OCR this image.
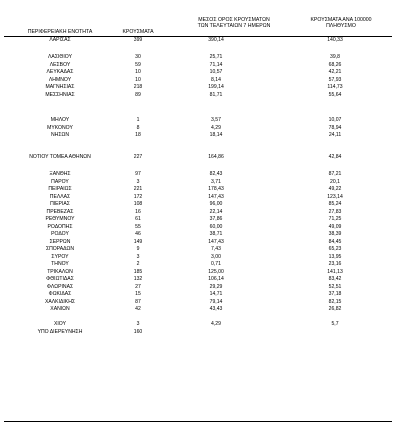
ΠΕΡΙΦΕΡΕΙΑΚΗ ΕΝΟΤΗΤΑ	ΚΡΟΥΣΜΑΤΑ
ΜΕΣΟΣ ΟΡΟΣ ΚΡΟΥΣΜΑΤΩΝ
ΤΩΝ ΤΕΛΕΥΤΑΙΩΝ 7 ΗΜΕΡΩΝ
ΚΡΟΥΣΜΑΤΑ ΑΝΑ 100000
ΠΛΗΘΥΣΜΟ
ΛΑΡΙΣΑΣ	399	390,14	140,33
ΛΑΣΙΘΙΟΥ	30	25,71	39,8
ΛΕΣΒΟΥ	59	71,14	68,26
ΛΕΥΚΑΔΑΣ	10	10,57	42,21
ΛΗΜΝΟΥ	10	8,14	57,93
ΜΑΓΝΗΣΙΑΣ	218	199,14	114,73
ΜΕΣΣΗΝΙΑΣ	89	81,71	55,64
ΜΗΛΟΥ	1	3,57	10,07
ΜΥΚΟΝΟΥ	8	4,29	78,94
ΝΗΣΩΝ	18	18,14	24,11
ΝΟΤΙΟΥ ΤΟΜΕΑ ΑΘΗΝΩΝ	227	164,86	42,84
ΞΑΝΘΗΣ	97	82,43	87,21
ΠΑΡΟΥ	3	3,71	20,1
ΠΕΙΡΑΙΩΣ	221	178,43	49,22
ΠΕΛΛΑΣ	172	147,43	123,14
ΠΙΕΡΙΑΣ	108	96,00	85,24
ΠΡΕΒΕΖΑΣ	16	22,14	27,83
ΡΕΘΥΜΝΟΥ	61	37,86	71,25
ΡΟΔΟΠΗΣ	55	60,00	49,09
ΡΟΔΟΥ	46	38,71	38,39
ΣΕΡΡΩΝ	149	147,43	84,45
ΣΠΟΡΑΔΩΝ	9	7,43	65,23
ΣΥΡΟΥ	3	3,00	13,95
ΤΗΝΟΥ	2	0,71	23,16
ΤΡΙΚΑΛΩΝ	185	125,00	141,13
ΦΘΙΩΤΙΔΑΣ	132	106,14	83,42
ΦΛΩΡΙΝΑΣ	27	29,29	52,51
ΦΩΚΙΔΑΣ	15	14,71	37,18
ΧΑΛΚΙΔΙΚΗΣ	87	79,14	82,15
ΧΑΝΙΩΝ	42	43,43	26,82
ΧΙΟΥ	3	4,29	5,7
ΥΠΟ ΔΙΕΡΕΥΝΗΣΗ	160
